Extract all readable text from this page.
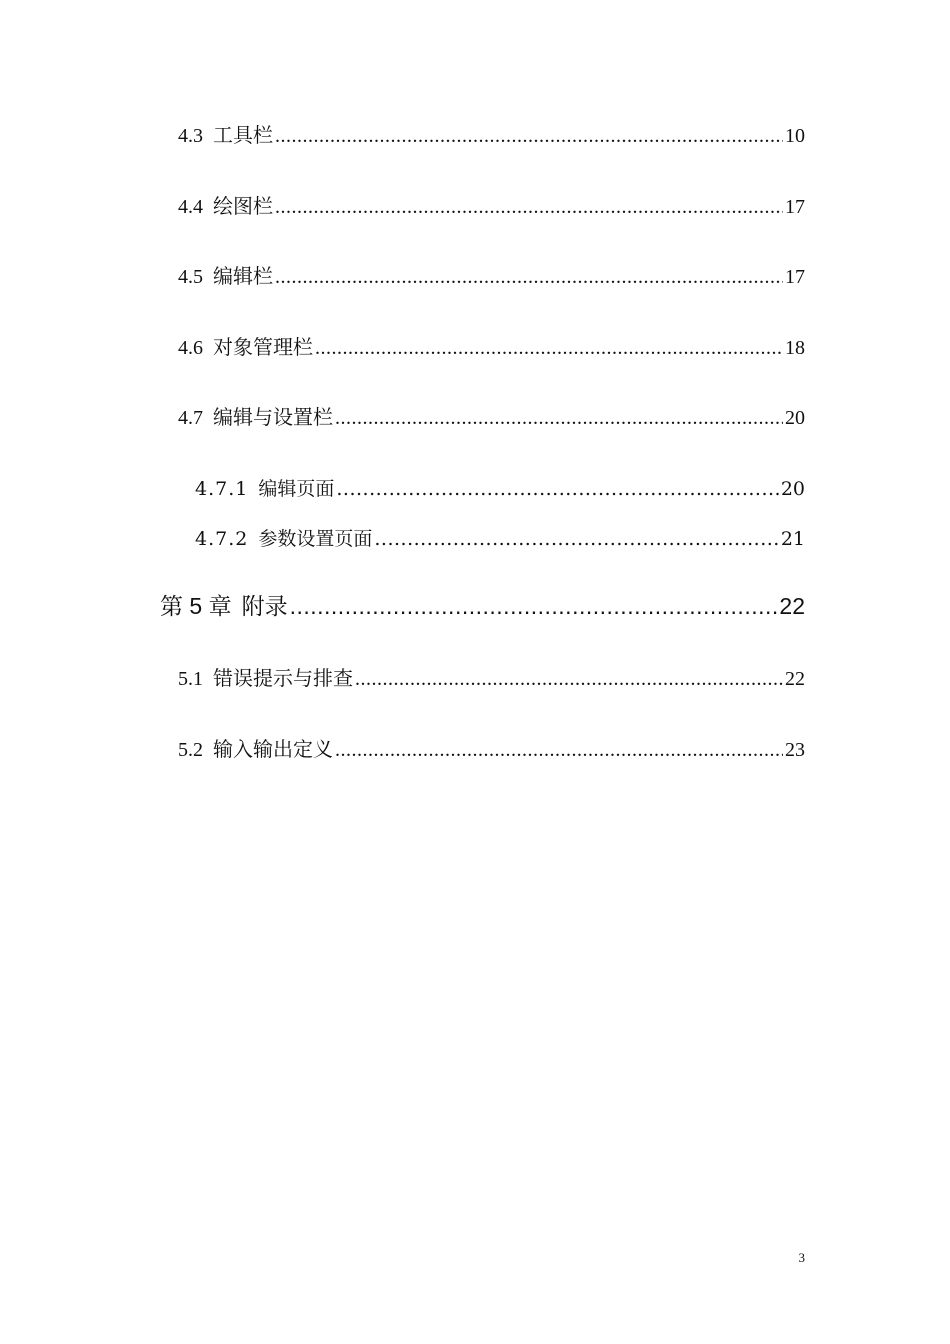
4.3 工具栏 .....	10
4.4 绘图栏 .....	17
4.5 编辑栏 .....	17
4.6 对象管理栏 .....	18
4.7 编辑与设置栏 .....	20
4.7.1 编辑页面 .....	20
4.7.2 参数设置页面 .....	21
第 5 章 附录 .....	22
5.1 错误提示与排查 .....	22
5.2 输入输出定义 .....	23
3
